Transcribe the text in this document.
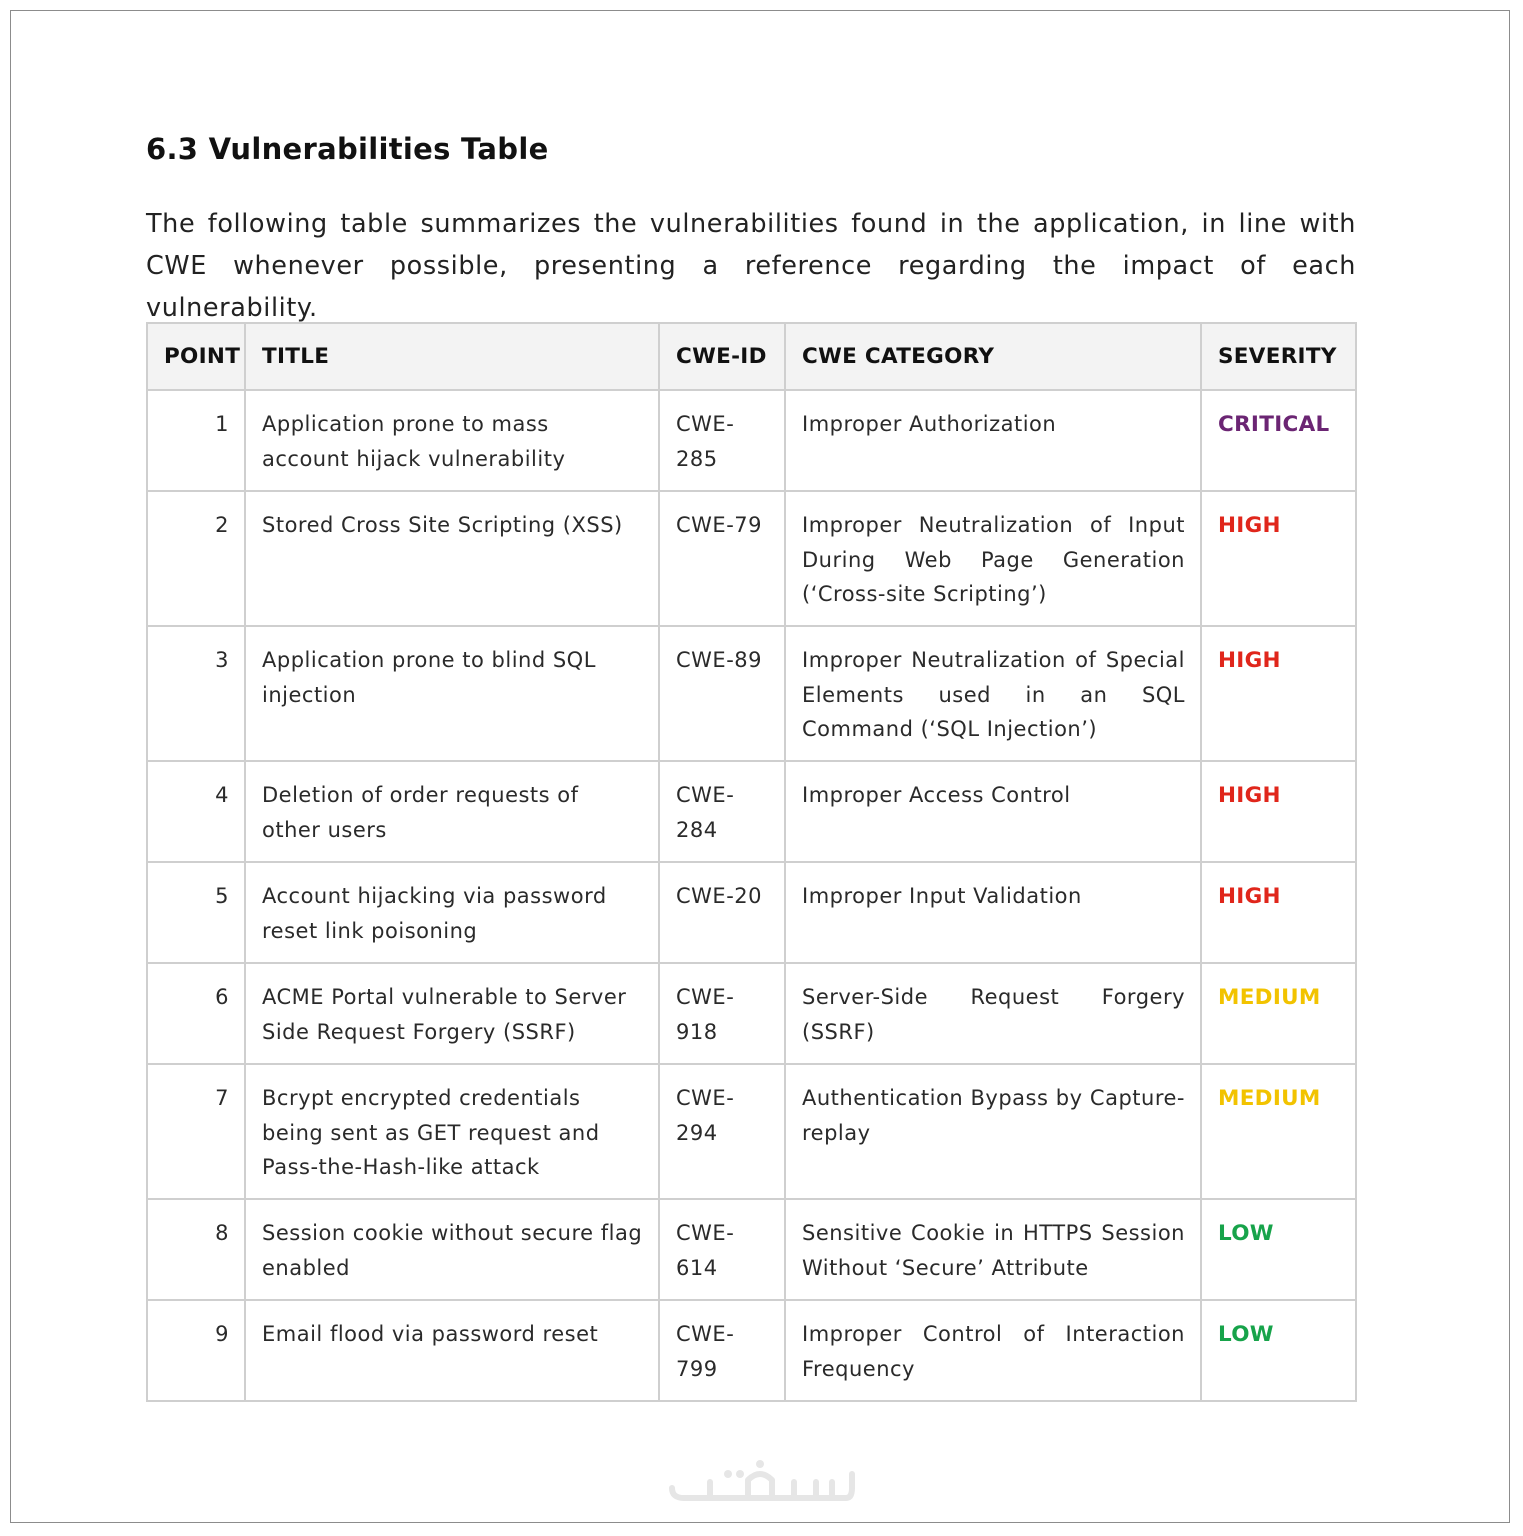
6.3 Vulnerabilities Table

The following table summarizes the vulnerabilities found in the application, in line with CWE whenever possible, presenting a reference regarding the impact of each vulnerability.

POINT	TITLE	CWE-ID	CWE CATEGORY	SEVERITY
1	Application prone to mass account hijack vulnerability	CWE-285	Improper Authorization	CRITICAL
2	Stored Cross Site Scripting (XSS)	CWE-79	Improper Neutralization of Input During Web Page Generation (‘Cross-site Scripting’)	HIGH
3	Application prone to blind SQL injection	CWE-89	Improper Neutralization of Special Elements used in an SQL Command (‘SQL Injection’)	HIGH
4	Deletion of order requests of other users	CWE-284	Improper Access Control	HIGH
5	Account hijacking via password reset link poisoning	CWE-20	Improper Input Validation	HIGH
6	ACME Portal vulnerable to Server Side Request Forgery (SSRF)	CWE-918	Server-Side Request Forgery (SSRF)	MEDIUM
7	Bcrypt encrypted credentials being sent as GET request and Pass-the-Hash-like attack	CWE-294	Authentication Bypass by Capture-replay	MEDIUM
8	Session cookie without secure flag enabled	CWE-614	Sensitive Cookie in HTTPS Session Without ‘Secure’ Attribute	LOW
9	Email flood via password reset	CWE-799	Improper Control of Interaction Frequency	LOW
